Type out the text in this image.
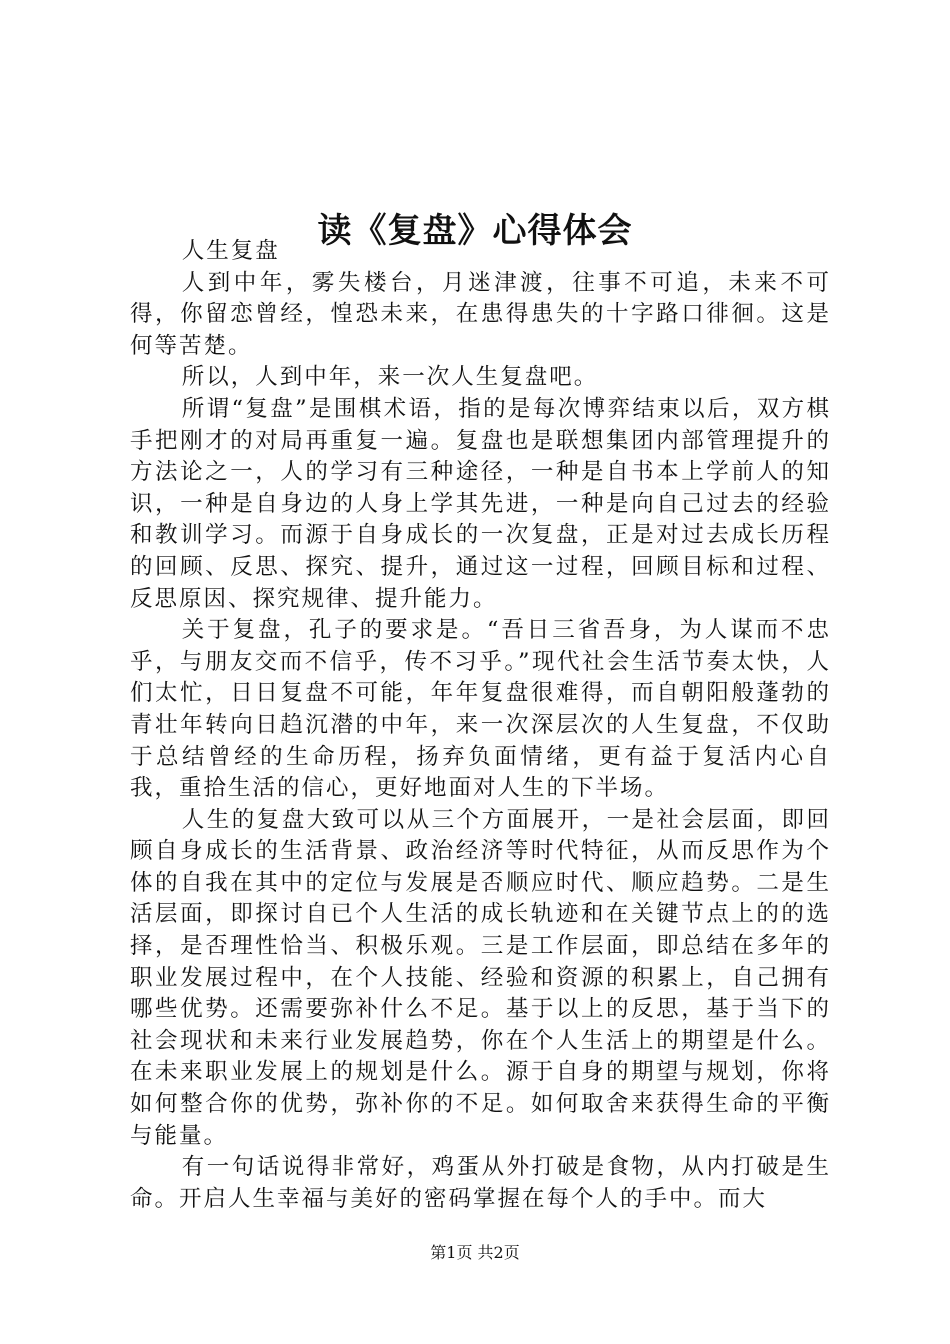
读《复盘》心得体会

人生复盘

人到中年，雾失楼台，月迷津渡，往事不可追，未来不可得，你留恋曾经，惶恐未来，在患得患失的十字路口徘徊。这是何等苦楚。

所以，人到中年，来一次人生复盘吧。

所谓“复盘”是围棋术语，指的是每次博弈结束以后，双方棋手把刚才的对局再重复一遍。复盘也是联想集团内部管理提升的方法论之一，人的学习有三种途径，一种是自书本上学前人的知识，一种是自身边的人身上学其先进，一种是向自己过去的经验和教训学习。而源于自身成长的一次复盘，正是对过去成长历程的回顾、反思、探究、提升，通过这一过程，回顾目标和过程、反思原因、探究规律、提升能力。

关于复盘，孔子的要求是。“吾日三省吾身，为人谋而不忠乎，与朋友交而不信乎，传不习乎。”现代社会生活节奏太快，人们太忙，日日复盘不可能，年年复盘很难得，而自朝阳般蓬勃的青壮年转向日趋沉潜的中年，来一次深层次的人生复盘，不仅助于总结曾经的生命历程，扬弃负面情绪，更有益于复活内心自我，重拾生活的信心，更好地面对人生的下半场。

人生的复盘大致可以从三个方面展开，一是社会层面，即回顾自身成长的生活背景、政治经济等时代特征，从而反思作为个体的自我在其中的定位与发展是否顺应时代、顺应趋势。二是生活层面，即探讨自已个人生活的成长轨迹和在关键节点上的的选择，是否理性恰当、积极乐观。三是工作层面，即总结在多年的职业发展过程中，在个人技能、经验和资源的积累上，自己拥有哪些优势。还需要弥补什么不足。基于以上的反思，基于当下的社会现状和未来行业发展趋势，你在个人生活上的期望是什么。在未来职业发展上的规划是什么。源于自身的期望与规划，你将如何整合你的优势，弥补你的不足。如何取舍来获得生命的平衡与能量。

有一句话说得非常好，鸡蛋从外打破是食物，从内打破是生命。开启人生幸福与美好的密码掌握在每个人的手中。而大

第1页 共2页
